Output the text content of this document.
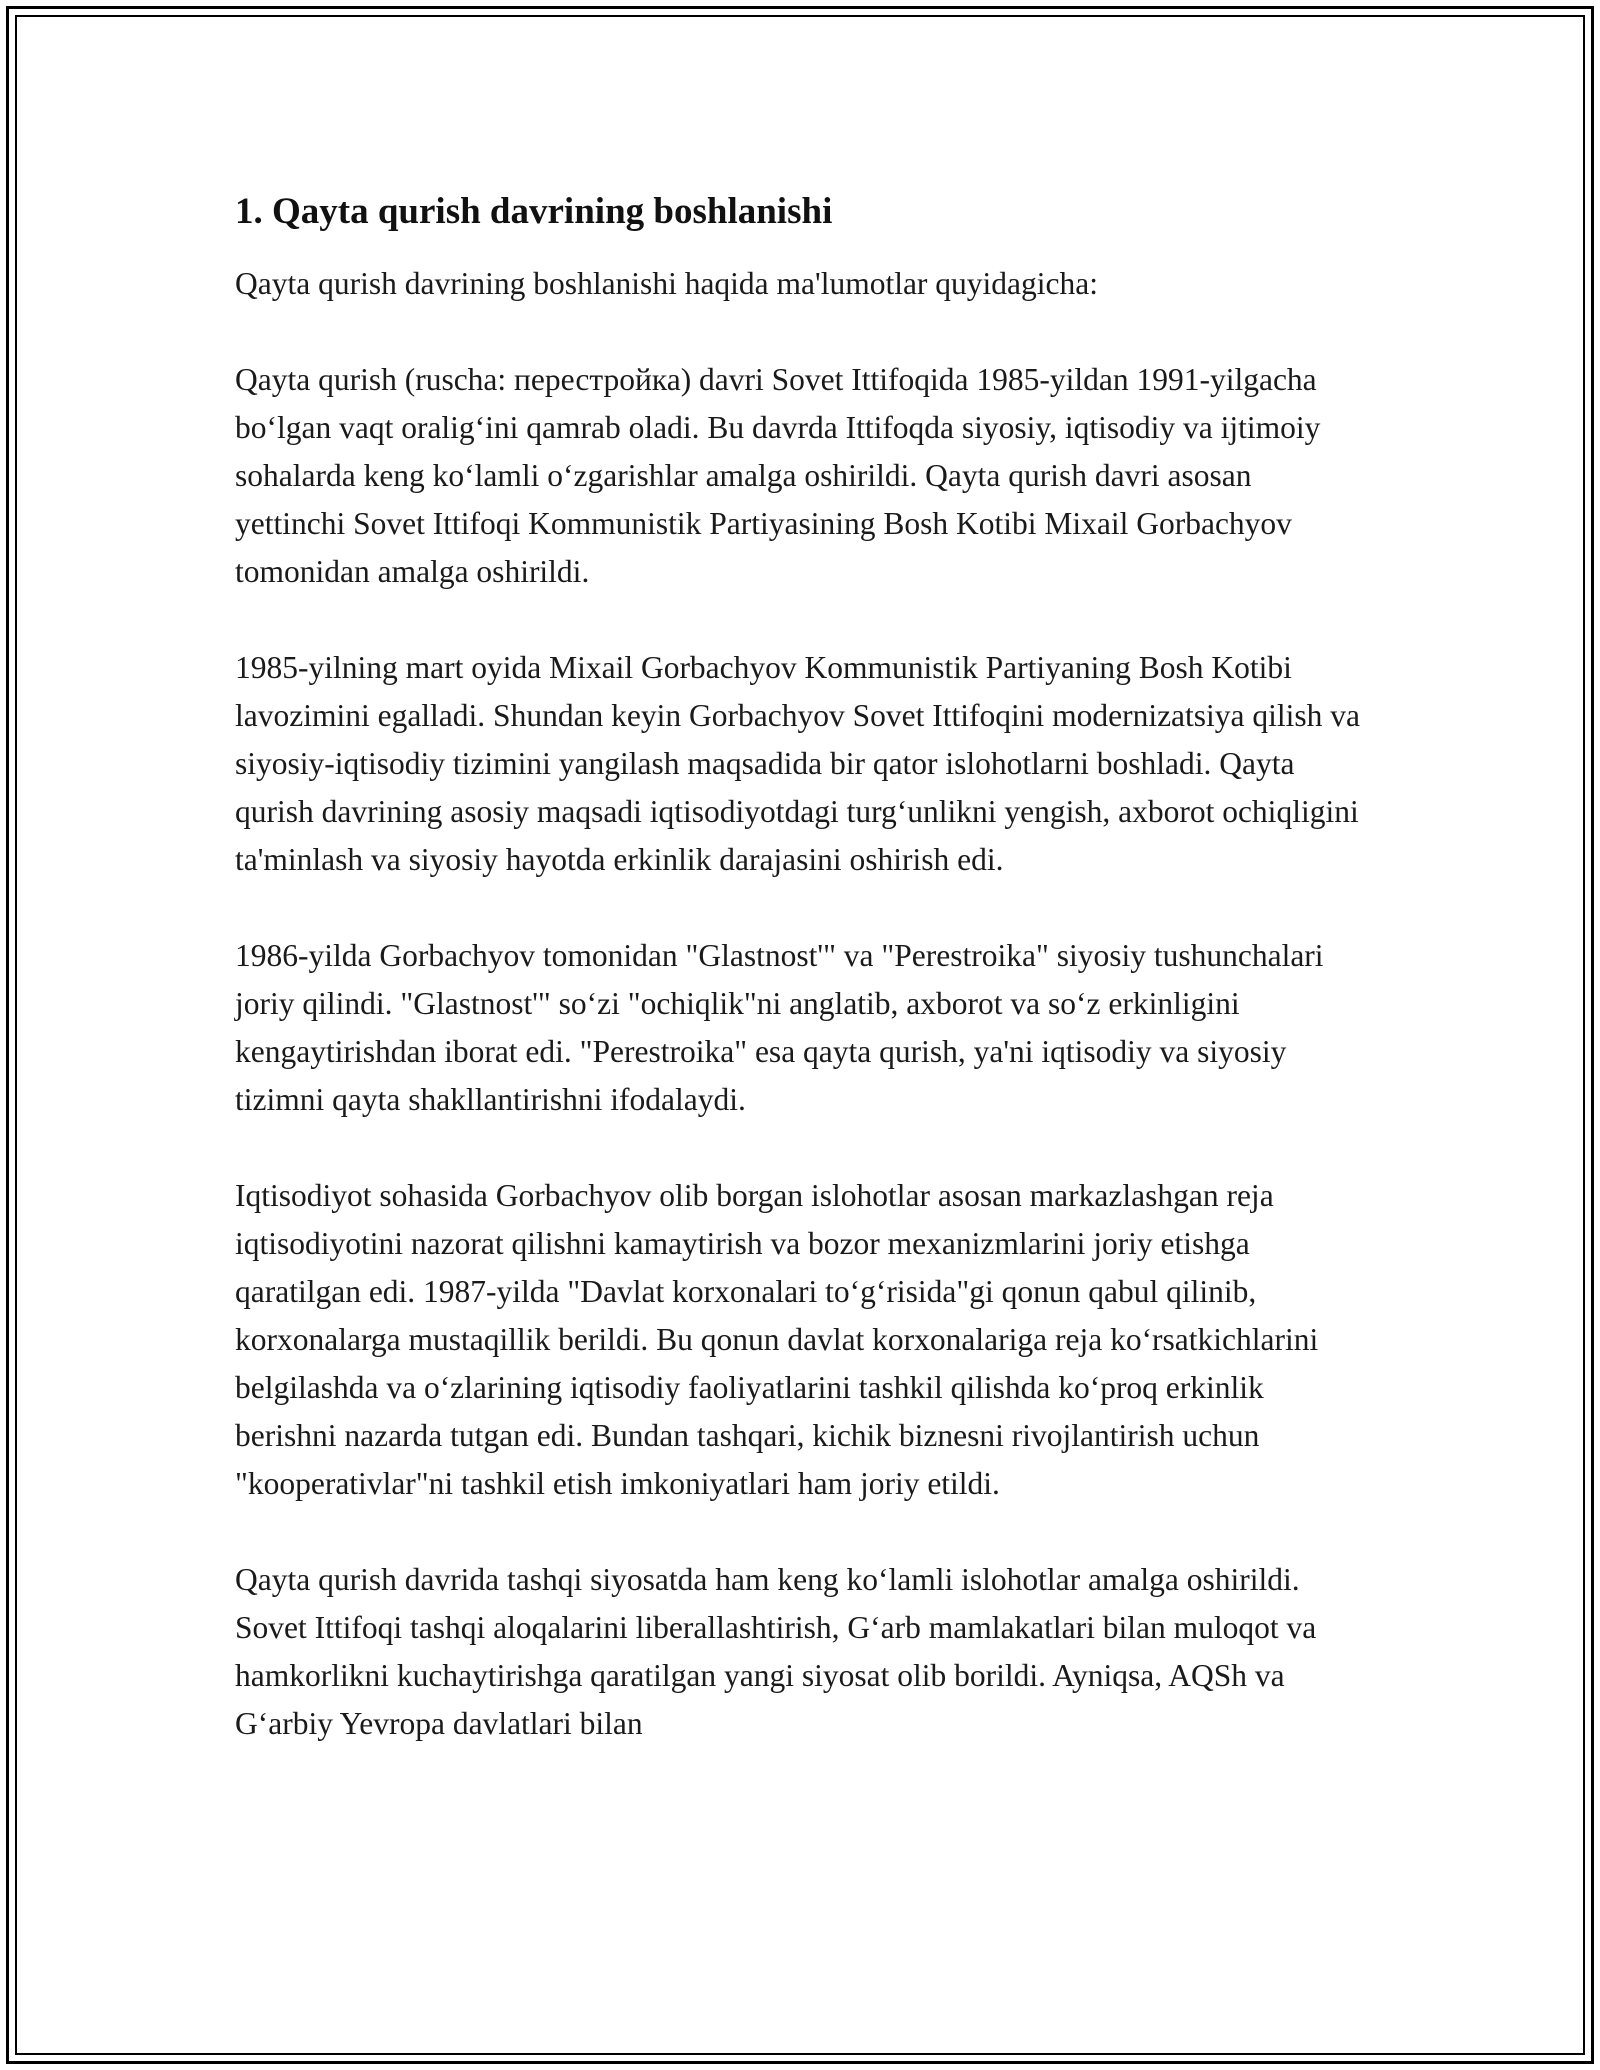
1. Qayta qurish davrining boshlanishi

Qayta qurish davrining boshlanishi haqida ma'lumotlar quyidagicha:

Qayta qurish (ruscha: перестройка) davri Sovet Ittifoqida 1985-yildan 1991-yilgacha bo‘lgan vaqt oralig‘ini qamrab oladi. Bu davrda Ittifoqda siyosiy, iqtisodiy va ijtimoiy sohalarda keng ko‘lamli o‘zgarishlar amalga oshirildi. Qayta qurish davri asosan yettinchi Sovet Ittifoqi Kommunistik Partiyasining Bosh Kotibi Mixail Gorbachyov tomonidan amalga oshirildi.

1985-yilning mart oyida Mixail Gorbachyov Kommunistik Partiyaning Bosh Kotibi lavozimini egalladi. Shundan keyin Gorbachyov Sovet Ittifoqini modernizatsiya qilish va siyosiy-iqtisodiy tizimini yangilash maqsadida bir qator islohotlarni boshladi. Qayta qurish davrining asosiy maqsadi iqtisodiyotdagi turg‘unlikni yengish, axborot ochiqligini ta'minlash va siyosiy hayotda erkinlik darajasini oshirish edi.

1986-yilda Gorbachyov tomonidan "Glastnost'" va "Perestroika" siyosiy tushunchalari joriy qilindi. "Glastnost'" so‘zi "ochiqlik"ni anglatib, axborot va so‘z erkinligini kengaytirishdan iborat edi. "Perestroika" esa qayta qurish, ya'ni iqtisodiy va siyosiy tizimni qayta shakllantirishni ifodalaydi.

Iqtisodiyot sohasida Gorbachyov olib borgan islohotlar asosan markazlashgan reja iqtisodiyotini nazorat qilishni kamaytirish va bozor mexanizmlarini joriy etishga qaratilgan edi. 1987-yilda "Davlat korxonalari to‘g‘risida"gi qonun qabul qilinib, korxonalarga mustaqillik berildi. Bu qonun davlat korxonalariga reja ko‘rsatkichlarini belgilashda va o‘zlarining iqtisodiy faoliyatlarini tashkil qilishda ko‘proq erkinlik berishni nazarda tutgan edi. Bundan tashqari, kichik biznesni rivojlantirish uchun "kooperativlar"ni tashkil etish imkoniyatlari ham joriy etildi.

Qayta qurish davrida tashqi siyosatda ham keng ko‘lamli islohotlar amalga oshirildi. Sovet Ittifoqi tashqi aloqalarini liberallashtirish, G‘arb mamlakatlari bilan muloqot va hamkorlikni kuchaytirishga qaratilgan yangi siyosat olib borildi. Ayniqsa, AQSh va G‘arbiy Yevropa davlatlari bilan
